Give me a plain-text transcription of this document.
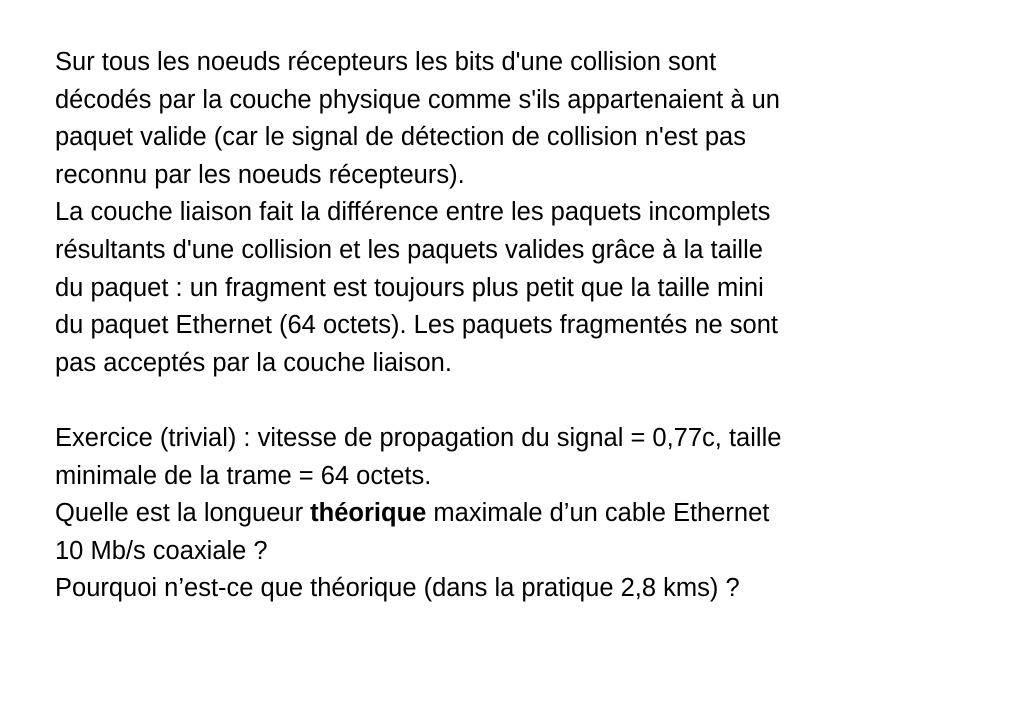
Sur tous les noeuds récepteurs les bits d'une collision sont
décodés par la couche physique comme s'ils appartenaient à un
paquet valide (car le signal de détection de collision n'est pas
reconnu par les noeuds récepteurs).
La couche liaison fait la différence entre les paquets incomplets
résultants d'une collision et les paquets valides grâce à la taille
du paquet : un fragment est toujours plus petit que la taille mini
du paquet Ethernet (64 octets). Les paquets fragmentés ne sont
pas acceptés par la couche liaison.
Exercice (trivial) : vitesse de propagation du signal = 0,77c, taille
minimale de la trame = 64 octets.
Quelle est la longueur théorique maximale d’un cable Ethernet
10 Mb/s coaxiale ?
Pourquoi n’est-ce que théorique (dans la pratique 2,8 kms) ?
